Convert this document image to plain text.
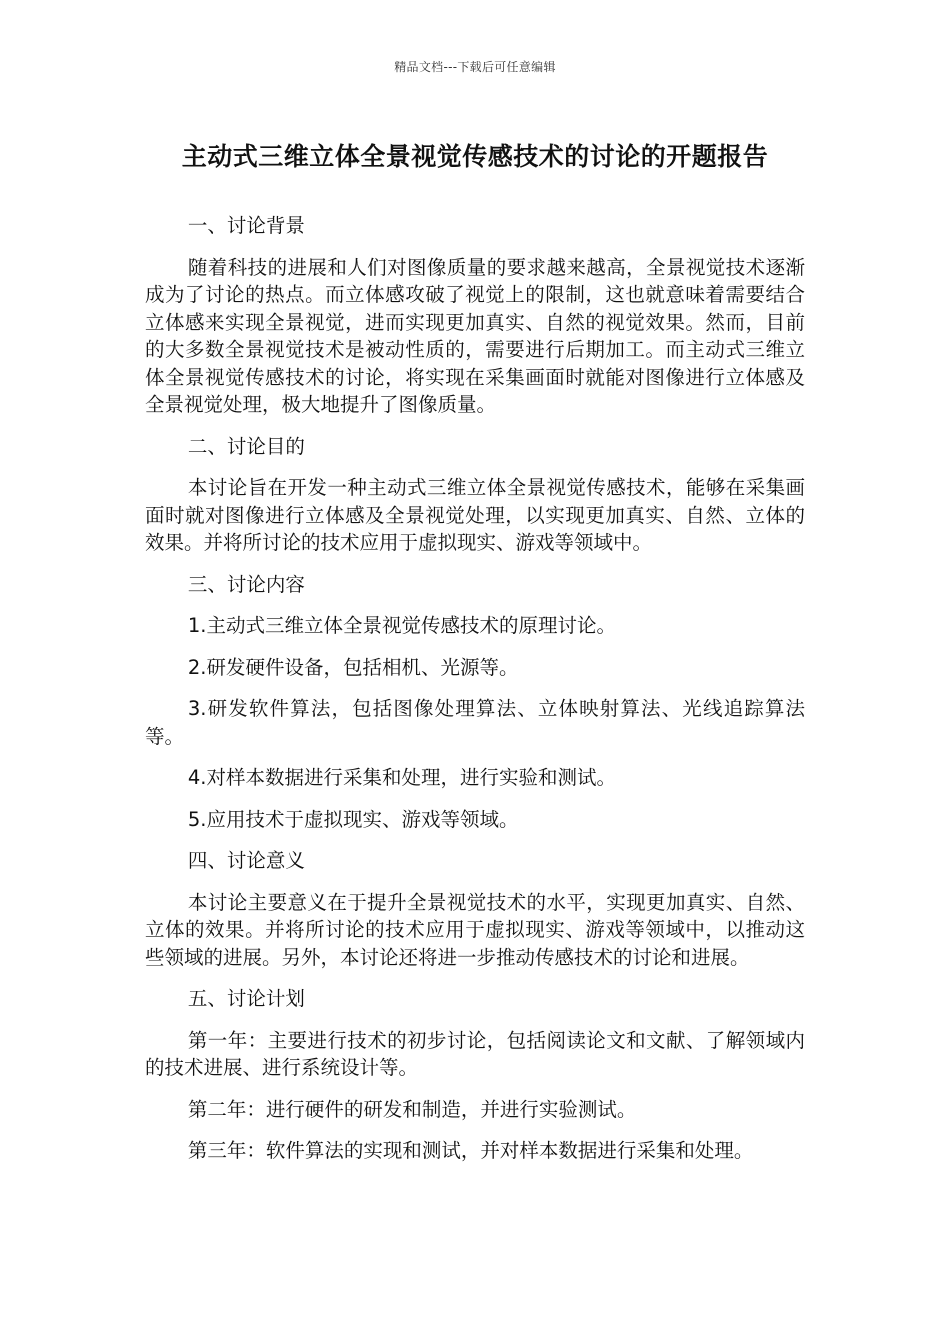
精品文档---下载后可任意编辑
主动式三维立体全景视觉传感技术的讨论的开题报告

一、讨论背景

随着科技的进展和人们对图像质量的要求越来越高，全景视觉技术逐渐成为了讨论的热点。而立体感攻破了视觉上的限制，这也就意味着需要结合立体感来实现全景视觉，进而实现更加真实、自然的视觉效果。然而，目前的大多数全景视觉技术是被动性质的，需要进行后期加工。而主动式三维立体全景视觉传感技术的讨论，将实现在采集画面时就能对图像进行立体感及全景视觉处理，极大地提升了图像质量。

二、讨论目的

本讨论旨在开发一种主动式三维立体全景视觉传感技术，能够在采集画面时就对图像进行立体感及全景视觉处理，以实现更加真实、自然、立体的效果。并将所讨论的技术应用于虚拟现实、游戏等领域中。

三、讨论内容

1.主动式三维立体全景视觉传感技术的原理讨论。

2.研发硬件设备，包括相机、光源等。

3.研发软件算法，包括图像处理算法、立体映射算法、光线追踪算法等。

4.对样本数据进行采集和处理，进行实验和测试。

5.应用技术于虚拟现实、游戏等领域。

四、讨论意义

本讨论主要意义在于提升全景视觉技术的水平，实现更加真实、自然、立体的效果。并将所讨论的技术应用于虚拟现实、游戏等领域中，以推动这些领域的进展。另外，本讨论还将进一步推动传感技术的讨论和进展。

五、讨论计划

第一年：主要进行技术的初步讨论，包括阅读论文和文献、了解领域内的技术进展、进行系统设计等。

第二年：进行硬件的研发和制造，并进行实验测试。

第三年：软件算法的实现和测试，并对样本数据进行采集和处理。
